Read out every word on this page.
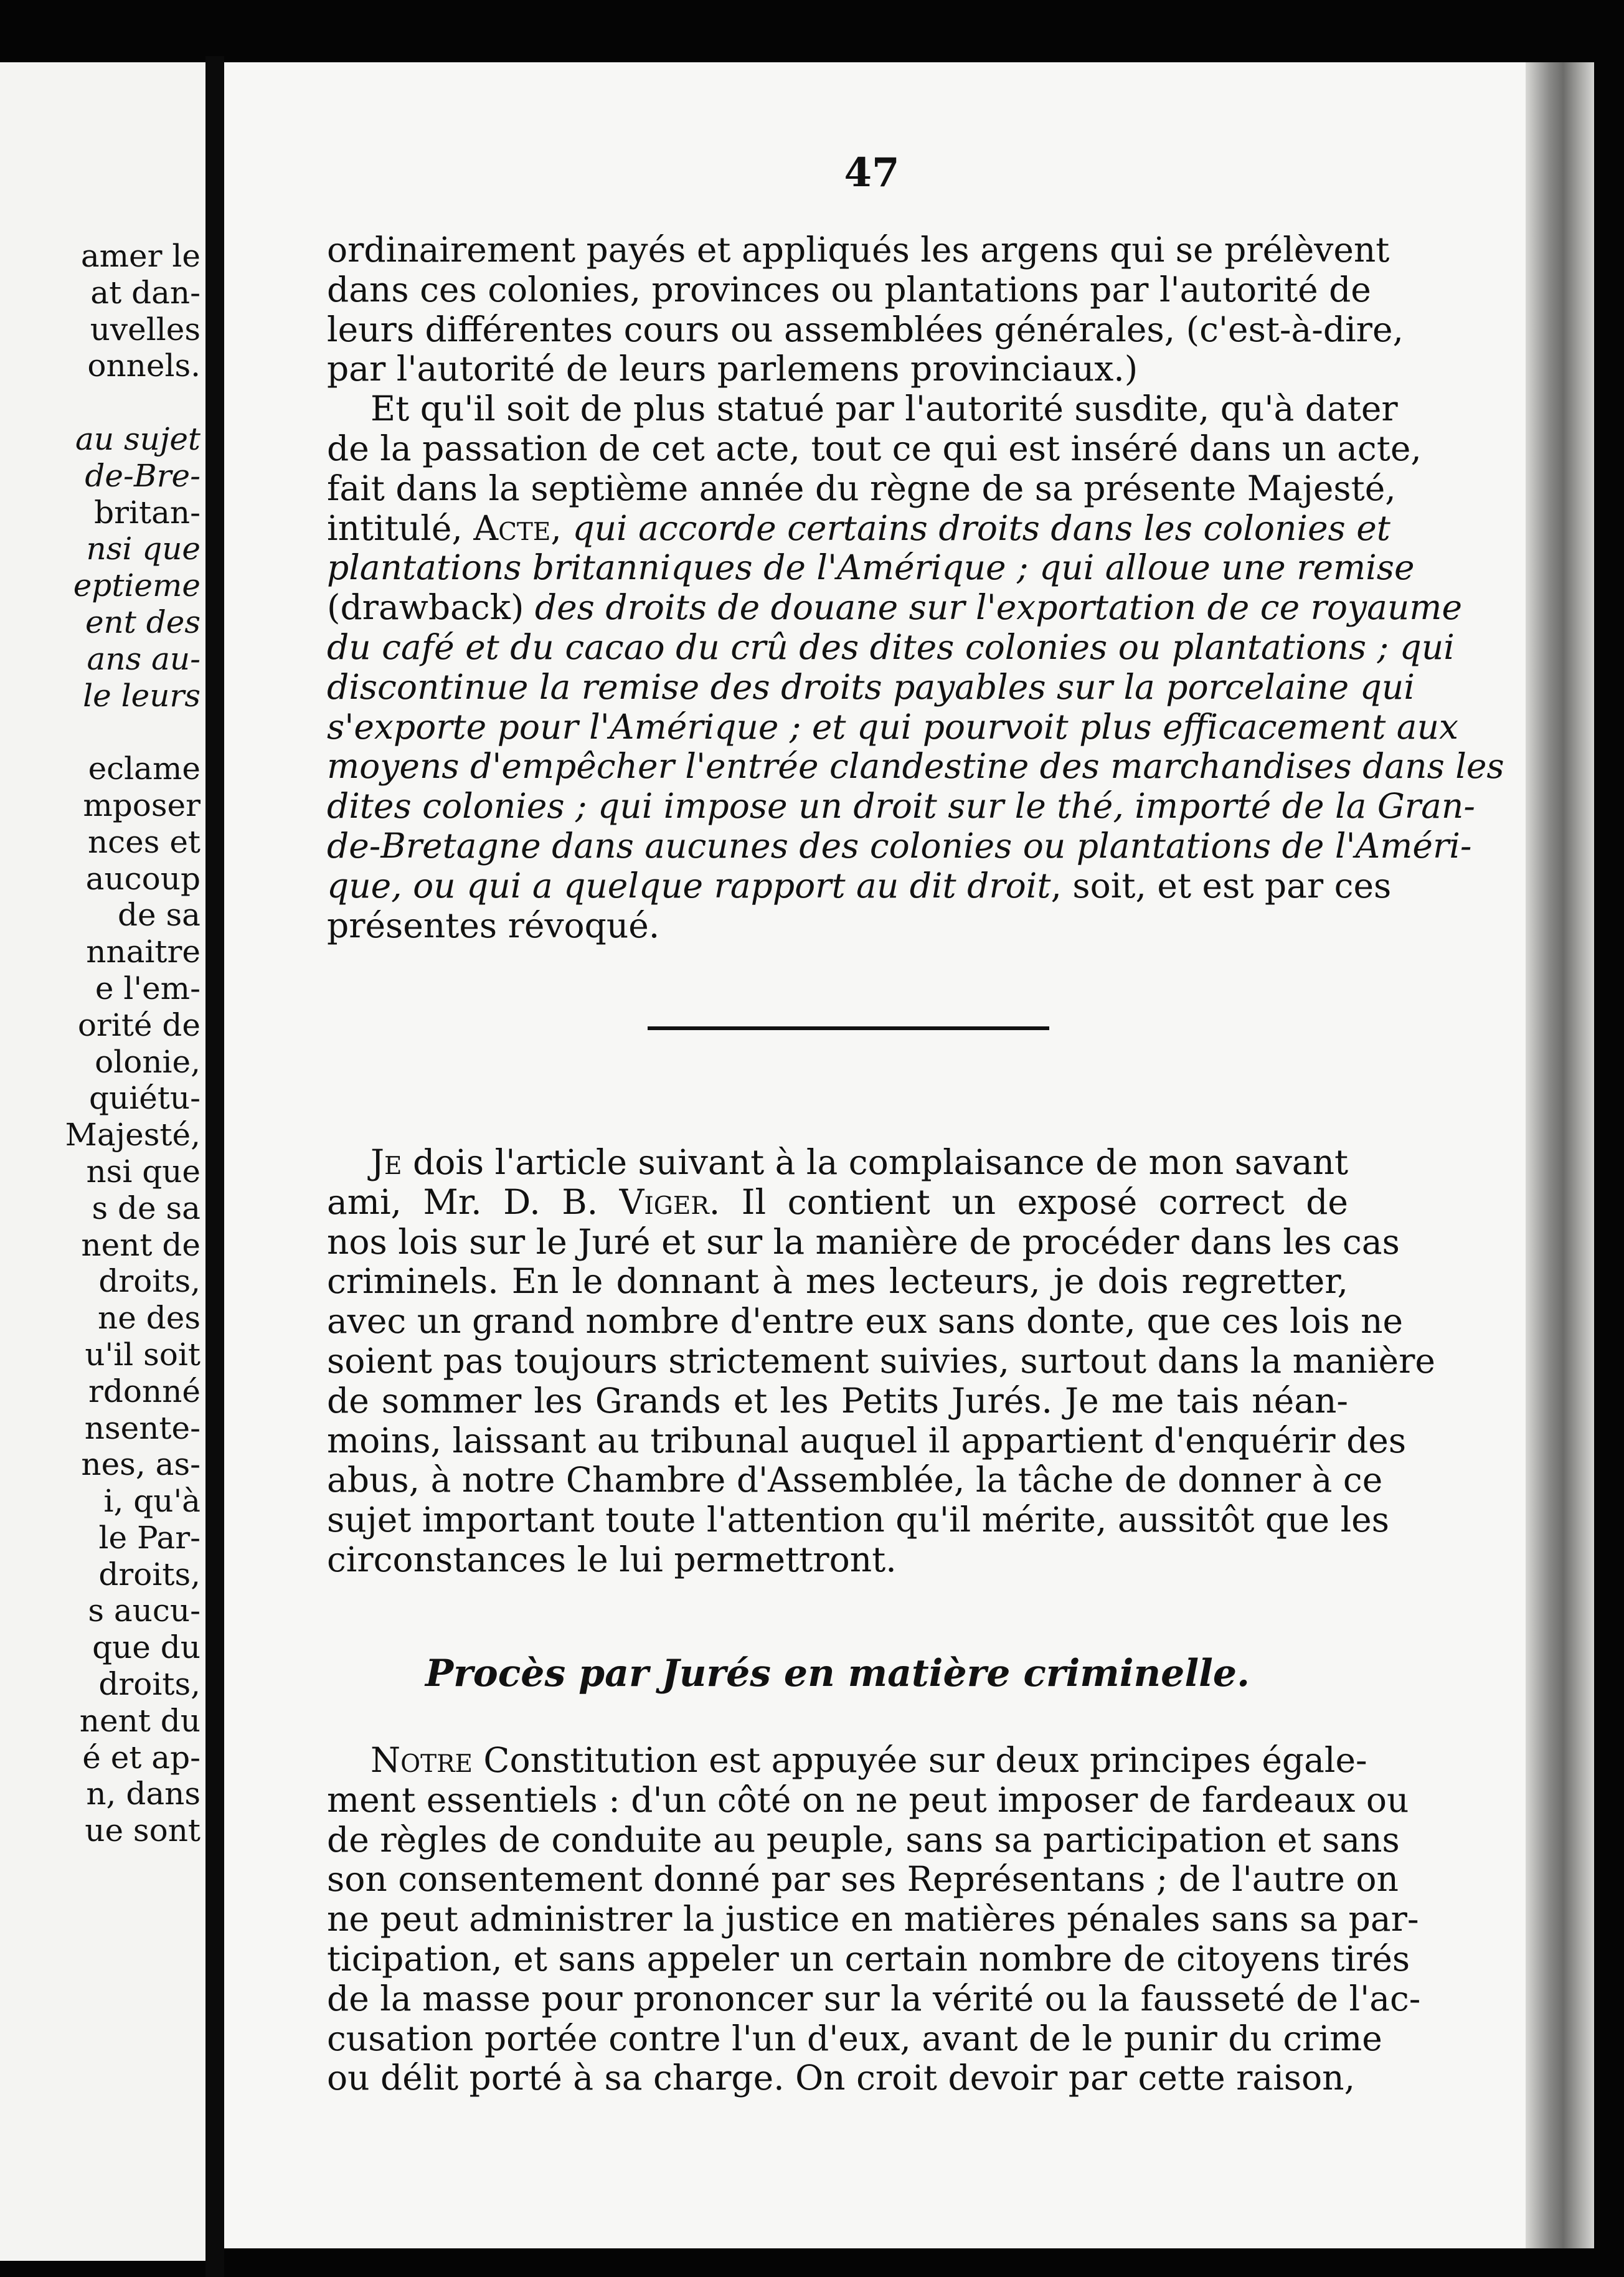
amer le
at dan-
uvelles
onnels.
au sujet
de-Bre-
britan-
nsi que
eptieme
ent des
ans au-
le leurs
eclame
mposer
nces et
aucoup
de sa
nnaitre
e l'em-
orité de
olonie,
quiétu-
Majesté,
nsi que
s de sa
nent de
droits,
ne des
u'il soit
rdonné
nsente-
nes, as-
i, qu'à
le Par-
droits,
s aucu-
que du
droits,
nent du
é et ap-
n, dans
ue sont
47
ordinairement payés et appliqués les argens qui se prélèvent
dans ces colonies, provinces ou plantations par l'autorité de
leurs différentes cours ou assemblées générales, (c'est-à-dire,
par l'autorité de leurs parlemens provinciaux.)
Et qu'il soit de plus statué par l'autorité susdite, qu'à dater
de la passation de cet acte, tout ce qui est inséré dans un acte,
fait dans la septième année du règne de sa présente Majesté,
intitulé, Acte, qui accorde certains droits dans les colonies et
plantations britanniques de l'Amérique ; qui alloue une remise
(drawback) des droits de douane sur l'exportation de ce royaume
du café et du cacao du crû des dites colonies ou plantations ; qui
discontinue la remise des droits payables sur la porcelaine qui
s'exporte pour l'Amérique ; et qui pourvoit plus efficacement aux
moyens d'empêcher l'entrée clandestine des marchandises dans les
dites colonies ; qui impose un droit sur le thé, importé de la Gran-
de-Bretagne dans aucunes des colonies ou plantations de l'Améri-
que, ou qui a quelque rapport au dit droit, soit, et est par ces
présentes révoqué.
Je dois l'article suivant à la complaisance de mon savant
ami, Mr. D. B. Viger. Il contient un exposé correct de
nos lois sur le Juré et sur la manière de procéder dans les cas
criminels. En le donnant à mes lecteurs, je dois regretter,
avec un grand nombre d'entre eux sans donte, que ces lois ne
soient pas toujours strictement suivies, surtout dans la manière
de sommer les Grands et les Petits Jurés. Je me tais néan-
moins, laissant au tribunal auquel il appartient d'enquérir des
abus, à notre Chambre d'Assemblée, la tâche de donner à ce
sujet important toute l'attention qu'il mérite, aussitôt que les
circonstances le lui permettront.
Procès par Jurés en matière criminelle.
Notre Constitution est appuyée sur deux principes égale-
ment essentiels : d'un côté on ne peut imposer de fardeaux ou
de règles de conduite au peuple, sans sa participation et sans
son consentement donné par ses Représentans ; de l'autre on
ne peut administrer la justice en matières pénales sans sa par-
ticipation, et sans appeler un certain nombre de citoyens tirés
de la masse pour prononcer sur la vérité ou la fausseté de l'ac-
cusation portée contre l'un d'eux, avant de le punir du crime
ou délit porté à sa charge. On croit devoir par cette raison,
